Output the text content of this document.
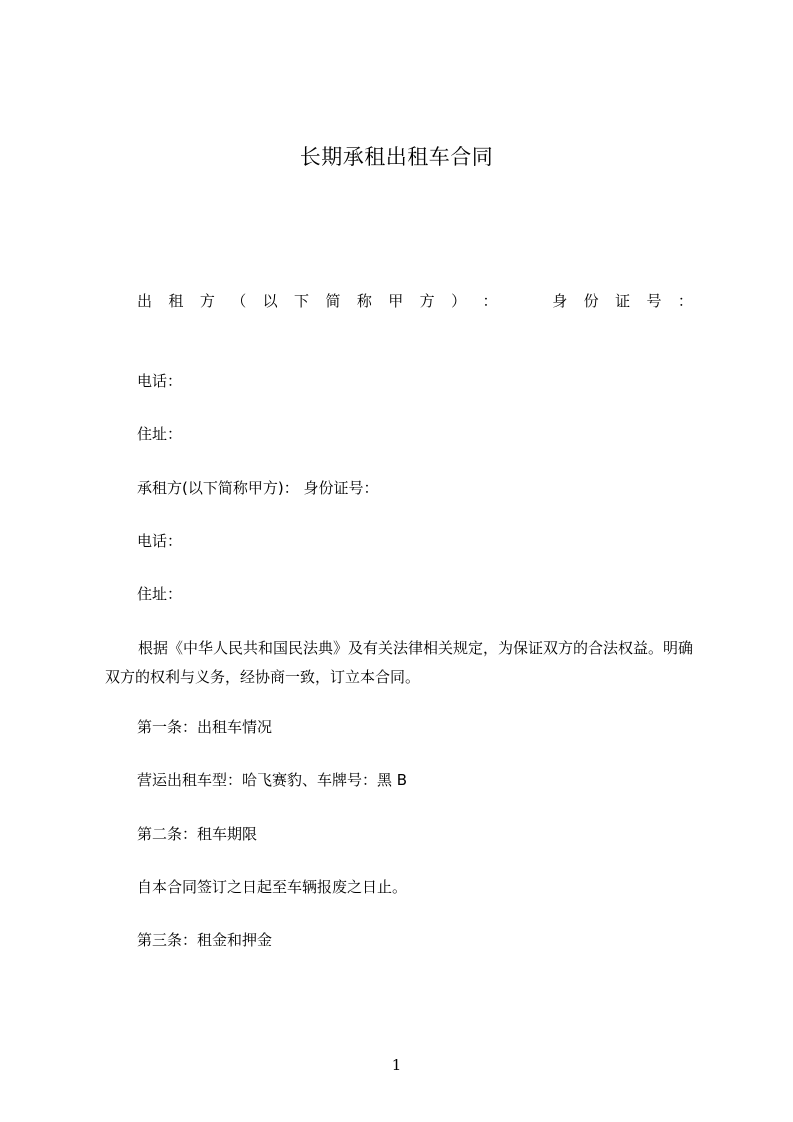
长期承租出租车合同
出 租 方 （ 以 下 简 称 甲 方 ） ：	身 份 证 号 ：
电话：
住址：
承租方(以下简称甲方)： 身份证号：
电话：
住址：
根据《中华人民共和国民法典》及有关法律相关规定，为保证双方的合法权益。明确双方的权利与义务，经协商一致，订立本合同。
第一条：出租车情况
营运出租车型：哈飞赛豹、车牌号：黑 B
第二条：租车期限
自本合同签订之日起至车辆报废之日止。
第三条：租金和押金
1
